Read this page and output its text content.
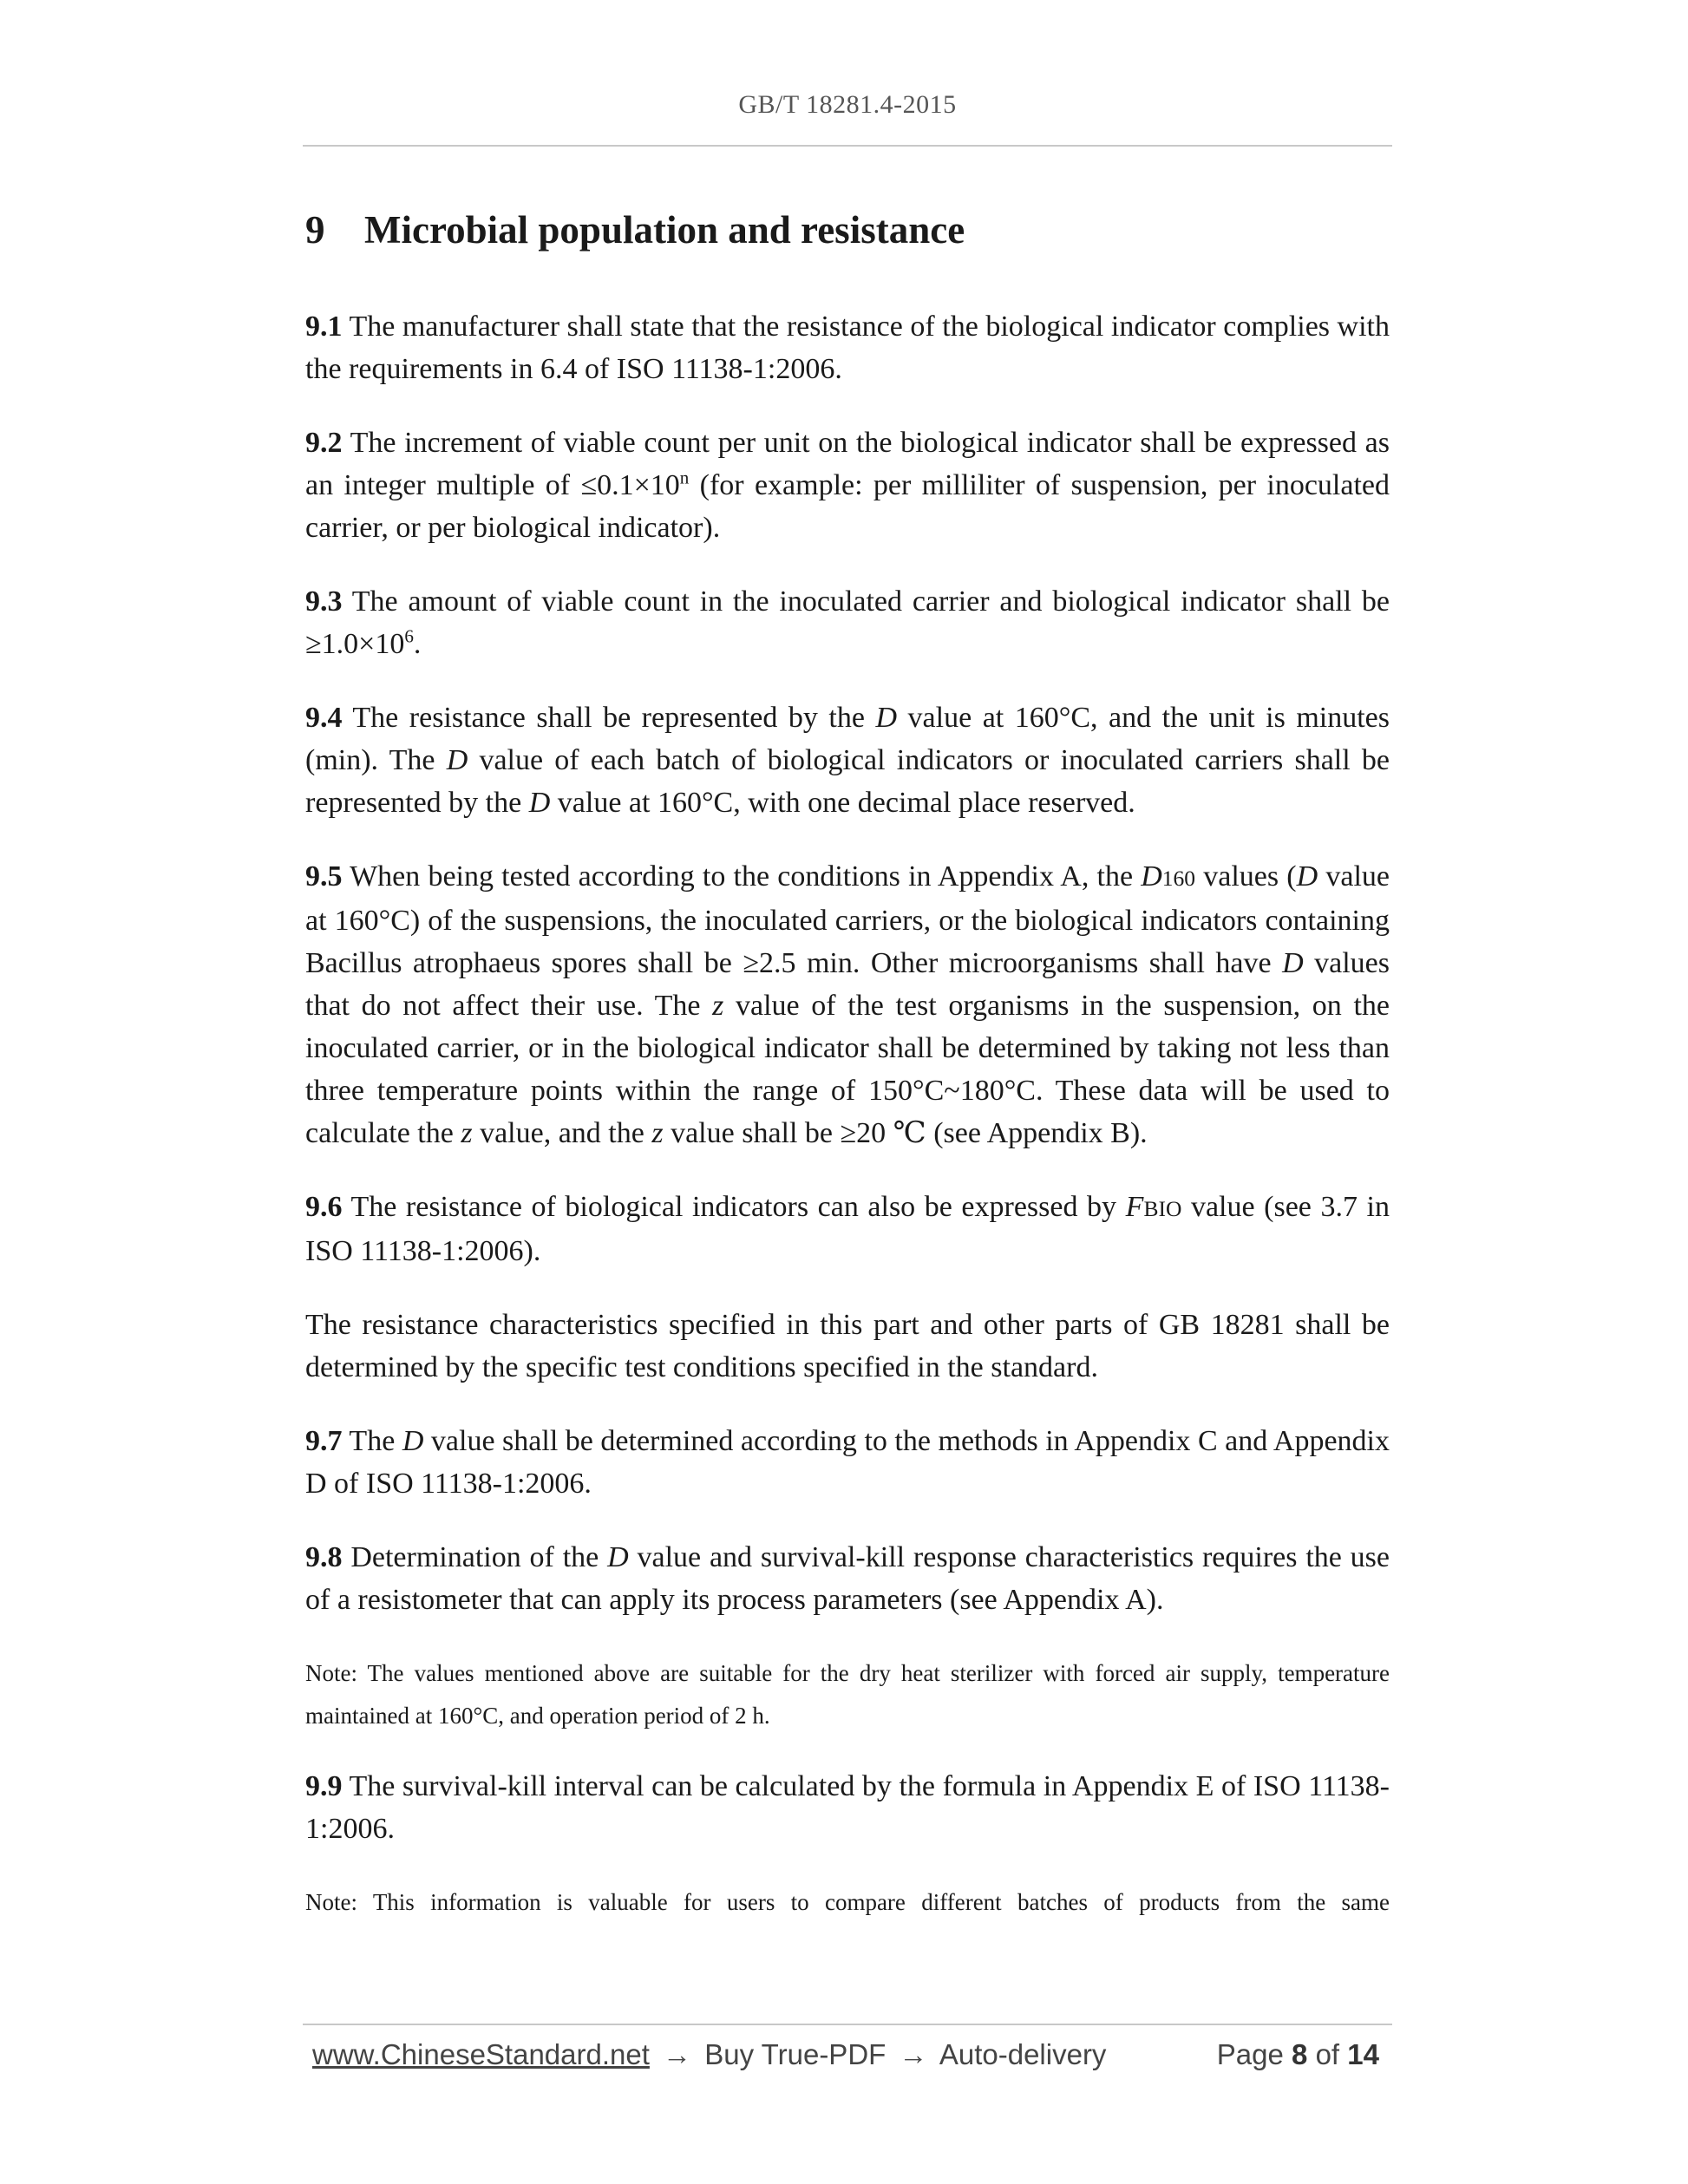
GB/T 18281.4-2015
9 Microbial population and resistance

9.1 The manufacturer shall state that the resistance of the biological indicator complies with the requirements in 6.4 of ISO 11138-1:2006.

9.2 The increment of viable count per unit on the biological indicator shall be expressed as an integer multiple of $\le 0.1\times 10^n$ (for example: per milliliter of suspension, per inoculated carrier, or per biological indicator).

9.3 The amount of viable count in the inoculated carrier and biological indicator shall be $\ge 1.0\times 10^6$.

9.4 The resistance shall be represented by the D value at 160°C, and the unit is minutes (min). The D value of each batch of biological indicators or inoculated carriers shall be represented by the D value at 160°C, with one decimal place reserved.

9.5 When being tested according to the conditions in Appendix A, the D160 values (D value at 160°C) of the suspensions, the inoculated carriers, or the biological indicators containing Bacillus atrophaeus spores shall be ≥2.5 min. Other microorganisms shall have D values that do not affect their use. The z value of the test organisms in the suspension, on the inoculated carrier, or in the biological indicator shall be determined by taking not less than three temperature points within the range of 150°C~180°C. These data will be used to calculate the z value, and the z value shall be ≥20 ℃ (see Appendix B).

9.6 The resistance of biological indicators can also be expressed by FBIO value (see 3.7 in ISO 11138-1:2006).

The resistance characteristics specified in this part and other parts of GB 18281 shall be determined by the specific test conditions specified in the standard.

9.7 The D value shall be determined according to the methods in Appendix C and Appendix D of ISO 11138-1:2006.

9.8 Determination of the D value and survival-kill response characteristics requires the use of a resistometer that can apply its process parameters (see Appendix A).

Note: The values mentioned above are suitable for the dry heat sterilizer with forced air supply, temperature maintained at 160°C, and operation period of 2 h.

9.9 The survival-kill interval can be calculated by the formula in Appendix E of ISO 11138-1:2006.

Note: This information is valuable for users to compare different batches of products from the same

www.ChineseStandard.net → Buy True-PDF → Auto-delivery	Page 8 of 14
